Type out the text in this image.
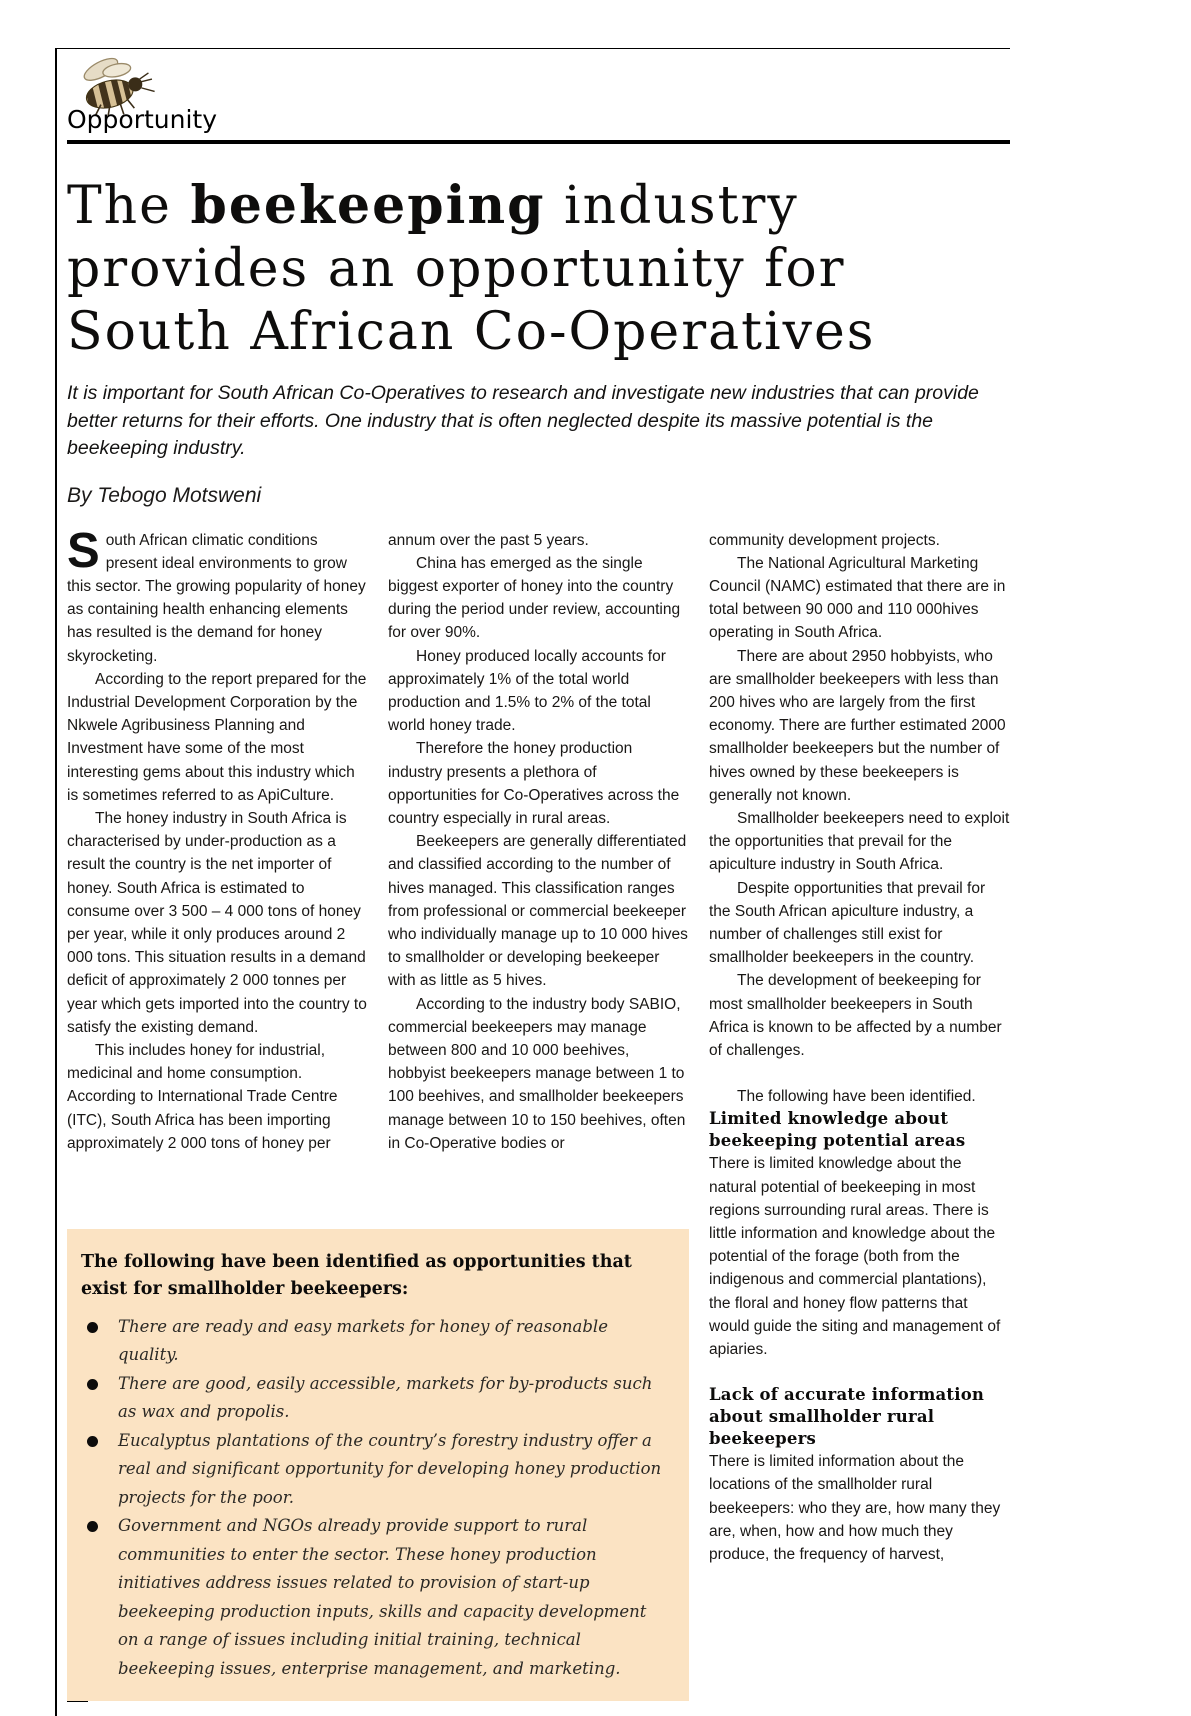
Opportunity
The beekeeping industry
provides an opportunity for
South African Co-Operatives

It is important for South African Co-Operatives to research and investigate new industries that can provide better returns for their efforts. One industry that is often neglected despite its massive potential is the beekeeping industry.

By Tebogo Motsweni

South African climatic conditions present ideal environments to grow this sector. The growing popularity of honey as containing health enhancing elements has resulted is the demand for honey skyrocketing.

According to the report prepared for the Industrial Development Corporation by the Nkwele Agribusiness Planning and Investment have some of the most interesting gems about this industry which is sometimes referred to as ApiCulture.

The honey industry in South Africa is characterised by under-production as a result the country is the net importer of honey. South Africa is estimated to consume over 3 500 – 4 000 tons of honey per year, while it only produces around 2 000 tons. This situation results in a demand deficit of approximately 2 000 tonnes per year which gets imported into the country to satisfy the existing demand.

This includes honey for industrial, medicinal and home consumption. According to International Trade Centre (ITC), South Africa has been importing approximately 2 000 tons of honey per

annum over the past 5 years.

China has emerged as the single biggest exporter of honey into the country during the period under review, accounting for over 90%.

Honey produced locally accounts for approximately 1% of the total world production and 1.5% to 2% of the total world honey trade.

Therefore the honey production industry presents a plethora of opportunities for Co-Operatives across the country especially in rural areas.

Beekeepers are generally differentiated and classified according to the number of hives managed. This classification ranges from professional or commercial beekeeper who individually manage up to 10 000 hives to smallholder or developing beekeeper with as little as 5 hives.

According to the industry body SABIO, commercial beekeepers may manage between 800 and 10 000 beehives, hobbyist beekeepers manage between 1 to 100 beehives, and smallholder beekeepers manage between 10 to 150 beehives, often in Co-Operative bodies or

community development projects.

The National Agricultural Marketing Council (NAMC) estimated that there are in total between 90 000 and 110 000hives operating in South Africa.

There are about 2950 hobbyists, who are smallholder beekeepers with less than 200 hives who are largely from the first economy. There are further estimated 2000 smallholder beekeepers but the number of hives owned by these beekeepers is generally not known.

Smallholder beekeepers need to exploit the opportunities that prevail for the apiculture industry in South Africa.

Despite opportunities that prevail for the South African apiculture industry, a number of challenges still exist for smallholder beekeepers in the country.

The development of beekeeping for most smallholder beekeepers in South Africa is known to be affected by a number of challenges.

The following have been identified.

Limited knowledge about beekeeping potential areas

There is limited knowledge about the natural potential of beekeeping in most regions surrounding rural areas. There is little information and knowledge about the potential of the forage (both from the indigenous and commercial plantations), the floral and honey flow patterns that would guide the siting and management of apiaries.

Lack of accurate information about smallholder rural beekeepers

There is limited information about the locations of the smallholder rural beekeepers: who they are, how many they are, when, how and how much they produce, the frequency of harvest,

The following have been identified as opportunities that exist for smallholder beekeepers:
There are ready and easy markets for honey of reasonable quality.
There are good, easily accessible, markets for by-products such as wax and propolis.
Eucalyptus plantations of the country’s forestry industry offer a real and significant opportunity for developing honey production projects for the poor.
Government and NGOs already provide support to rural communities to enter the sector. These honey production initiatives address issues related to provision of start-up beekeeping production inputs, skills and capacity development on a range of issues including initial training, technical beekeeping issues, enterprise management, and marketing.
